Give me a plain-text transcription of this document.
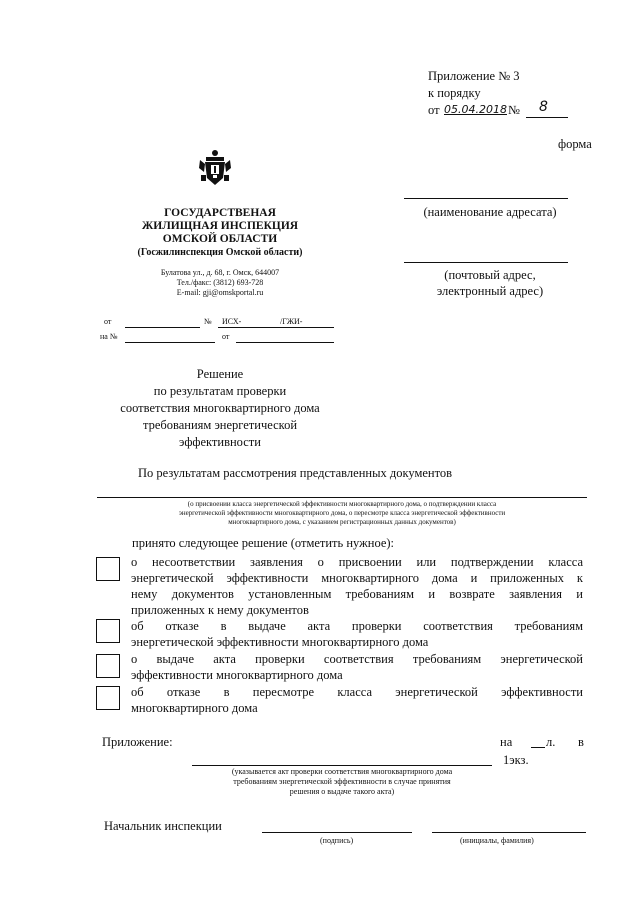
Приложение № 3
к порядку
от 05.04.2018 № 8
форма
ГОСУДАРСТВЕНАЯ
ЖИЛИЩНАЯ ИНСПЕКЦИЯ
ОМСКОЙ ОБЛАСТИ
(Госжилинспекция Омской области)
Булатова ул., д. 68, г. Омск, 644007
Тел./факс: (3812) 693-728
E-mail: gji@omskportal.ru
от	№ ИСХ-	/ГЖИ-
на №	от
(наименование адресата)
(почтовый адрес,
электронный адрес)
Решение
по результатам проверки
соответствия многоквартирного дома
требованиям энергетической
эффективности
По результатам рассмотрения представленных документов
(о присвоении класса энергетической эффективности многоквартирного дома, о подтверждении класса
энергетической эффективности многоквартирного дома, о пересмотре класса энергетической эффективности
многоквартирного дома, с указанием регистрационных данных документов)
принято следующее решение (отметить нужное):
о несоответствии заявления о присвоении или подтверждении класса
энергетической эффективности многоквартирного дома и приложенных к
нему документов установленным требованиям и возврате заявления и
приложенных к нему документов
об отказе в выдаче акта проверки соответствия требованиям
энергетической эффективности многоквартирного дома
о выдаче акта проверки соответствия требованиям энергетической
эффективности многоквартирного дома
об отказе в пересмотре класса энергетической эффективности
многоквартирного дома
Приложение:	на	л. в
1экз.
(указывается акт проверки соответствия многоквартирного дома
требованиям энергетической эффективности в случае принятия
решения о выдаче такого акта)
Начальник инспекции
(подпись)	(инициалы, фамилия)
